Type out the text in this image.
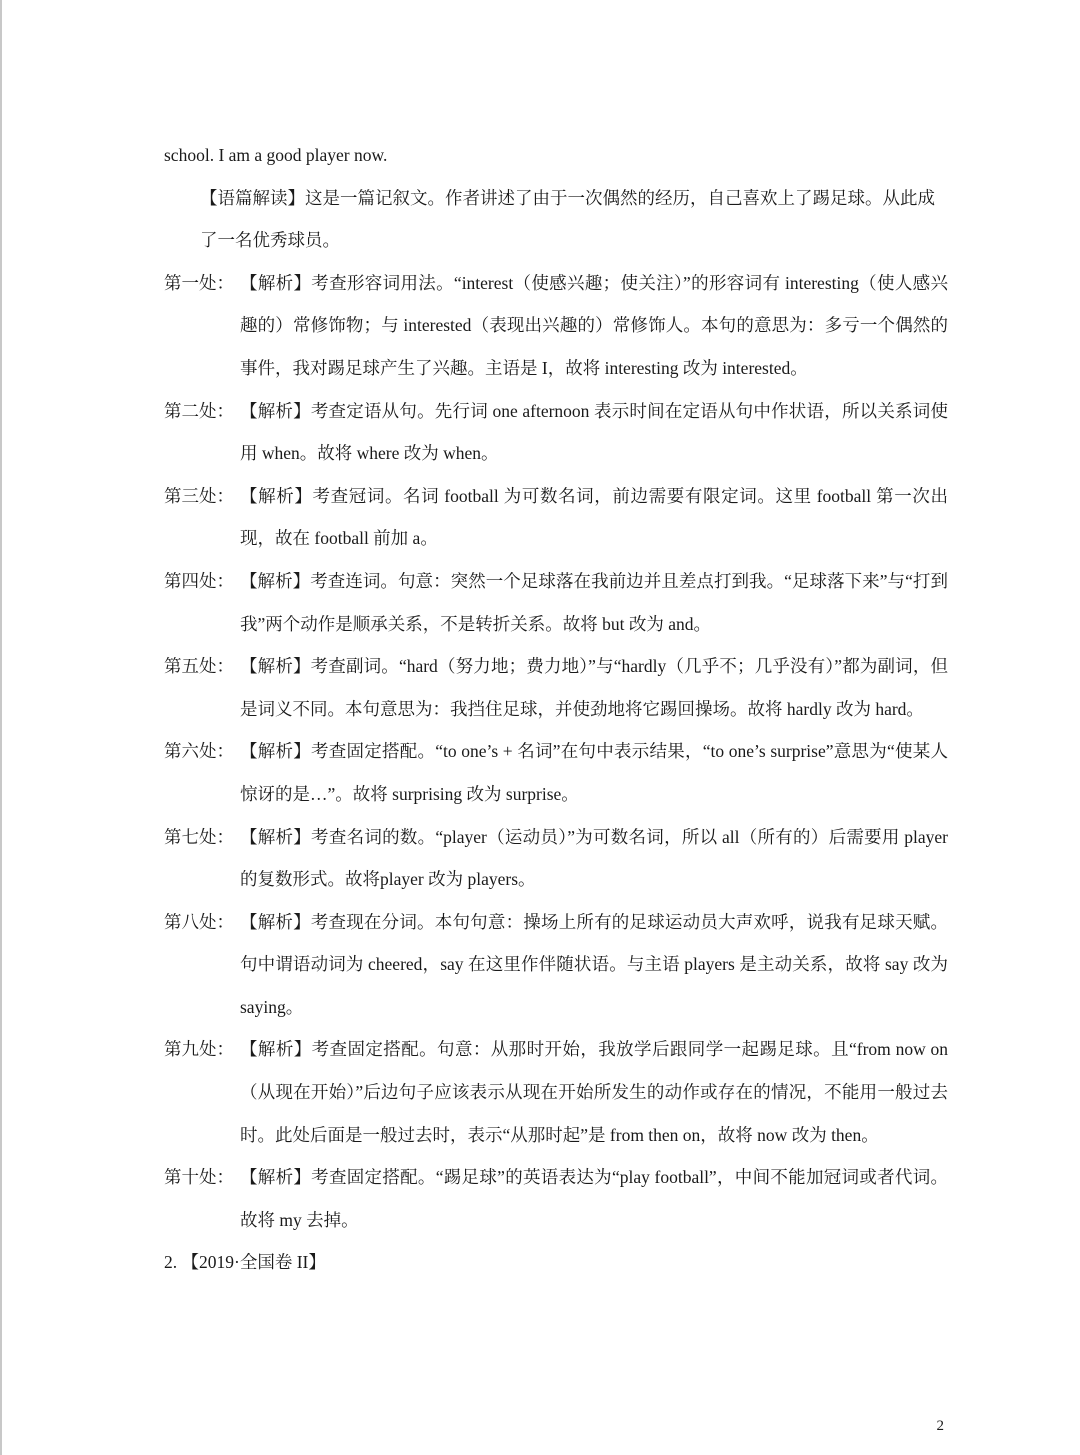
school. I am a good player now.
【语篇解读】这是一篇记叙文。作者讲述了由于一次偶然的经历，自己喜欢上了踢足球。从此成了一名优秀球员。
第一处： 【解析】考查形容词用法。“interest（使感兴趣；使关注）”的形容词有 interesting（使人感兴趣的）常修饰物；与 interested（表现出兴趣的）常修饰人。本句的意思为：多亏一个偶然的事件，我对踢足球产生了兴趣。主语是 I，故将 interesting 改为 interested。
第二处： 【解析】考查定语从句。先行词 one afternoon 表示时间在定语从句中作状语，所以关系词使用 when。故将 where 改为 when。
第三处： 【解析】考查冠词。名词 football 为可数名词，前边需要有限定词。这里 football 第一次出现，故在 football 前加 a。
第四处： 【解析】考查连词。句意：突然一个足球落在我前边并且差点打到我。“足球落下来”与“打到我”两个动作是顺承关系，不是转折关系。故将 but 改为 and。
第五处： 【解析】考查副词。“hard（努力地；费力地）”与“hardly（几乎不；几乎没有）”都为副词，但是词义不同。本句意思为：我挡住足球，并使劲地将它踢回操场。故将 hardly 改为 hard。
第六处： 【解析】考查固定搭配。“to one’s + 名词”在句中表示结果，“to one’s surprise”意思为“使某人惊讶的是…”。故将 surprising 改为 surprise。
第七处： 【解析】考查名词的数。“player（运动员）”为可数名词，所以 all（所有的）后需要用 player 的复数形式。故将player 改为 players。
第八处： 【解析】考查现在分词。本句句意：操场上所有的足球运动员大声欢呼，说我有足球天赋。句中谓语动词为 cheered，say 在这里作伴随状语。与主语 players 是主动关系，故将 say 改为 saying。
第九处： 【解析】考查固定搭配。句意：从那时开始，我放学后跟同学一起踢足球。且“from now on（从现在开始）”后边句子应该表示从现在开始所发生的动作或存在的情况，不能用一般过去时。此处后面是一般过去时，表示“从那时起”是 from then on，故将 now 改为 then。
第十处： 【解析】考查固定搭配。“踢足球”的英语表达为“play football”，中间不能加冠词或者代词。故将 my 去掉。
2. 【2019·全国卷 II】
2
